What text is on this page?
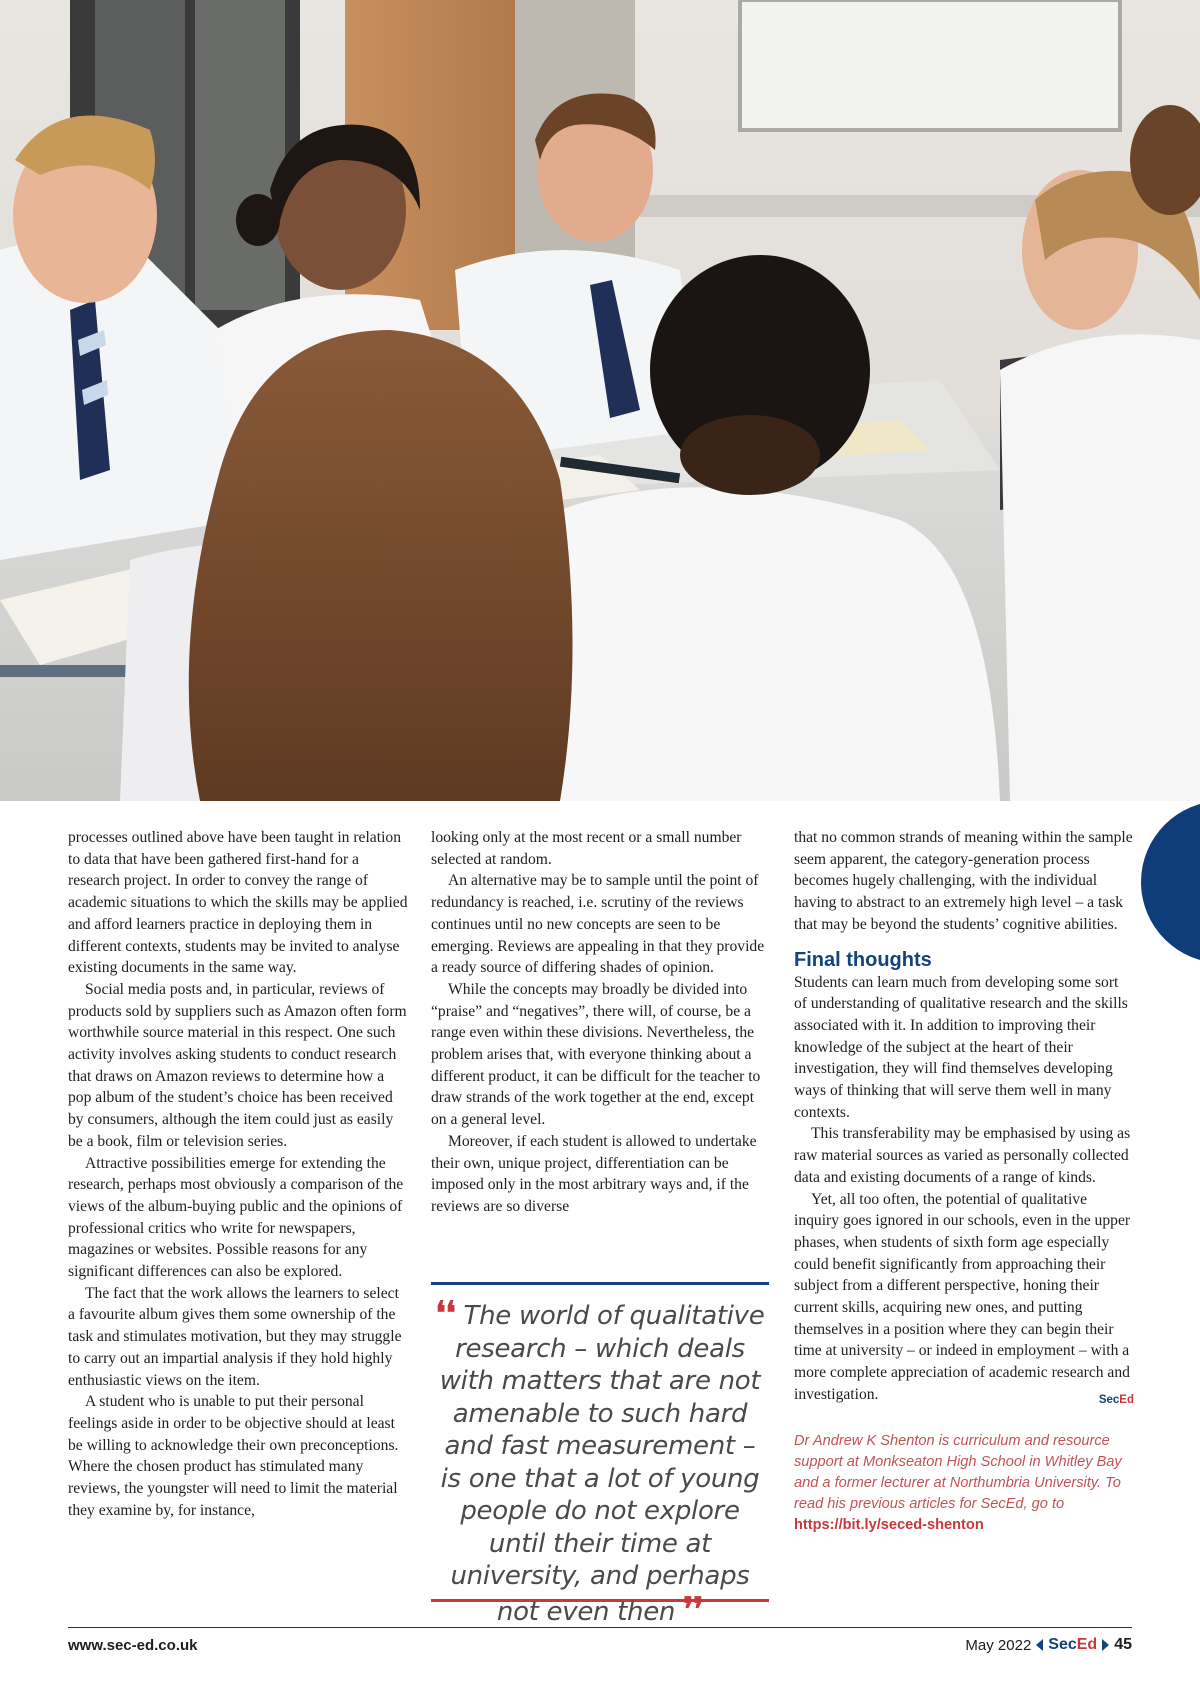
processes outlined above have been taught in relation to data that have been gathered first-hand for a research project. In order to convey the range of academic situations to which the skills may be applied and afford learners practice in deploying them in different contexts, students may be invited to analyse existing documents in the same way.

Social media posts and, in particular, reviews of products sold by suppliers such as Amazon often form worthwhile source material in this respect. One such activity involves asking students to conduct research that draws on Amazon reviews to determine how a pop album of the student’s choice has been received by consumers, although the item could just as easily be a book, film or television series.

Attractive possibilities emerge for extending the research, perhaps most obviously a comparison of the views of the album-buying public and the opinions of professional critics who write for newspapers, magazines or websites. Possible reasons for any significant differences can also be explored.

The fact that the work allows the learners to select a favourite album gives them some ownership of the task and stimulates motivation, but they may struggle to carry out an impartial analysis if they hold highly enthusiastic views on the item.

A student who is unable to put their personal feelings aside in order to be objective should at least be willing to acknowledge their own preconceptions. Where the chosen product has stimulated many reviews, the youngster will need to limit the material they examine by, for instance,

looking only at the most recent or a small number selected at random.

An alternative may be to sample until the point of redundancy is reached, i.e. scrutiny of the reviews continues until no new concepts are seen to be emerging. Reviews are appealing in that they provide a ready source of differing shades of opinion.

While the concepts may broadly be divided into “praise” and “negatives”, there will, of course, be a range even within these divisions. Nevertheless, the problem arises that, with everyone thinking about a different product, it can be difficult for the teacher to draw strands of the work together at the end, except on a general level.

Moreover, if each student is allowed to undertake their own, unique project, differentiation can be imposed only in the most arbitrary ways and, if the reviews are so diverse

❛❛ The world of qualitative research – which deals with matters that are not amenable to such hard and fast measurement – is one that a lot of young people do not explore until their time at university, and perhaps not even then ❜❜

that no common strands of meaning within the sample seem apparent, the category-generation process becomes hugely challenging, with the individual having to abstract to an extremely high level – a task that may be beyond the students’ cognitive abilities.

Final thoughts

Students can learn much from developing some sort of understanding of qualitative research and the skills associated with it. In addition to improving their knowledge of the subject at the heart of their investigation, they will find themselves developing ways of thinking that will serve them well in many contexts.

This transferability may be emphasised by using as raw material sources as varied as personally collected data and existing documents of a range of kinds.

Yet, all too often, the potential of qualitative inquiry goes ignored in our schools, even in the upper phases, when students of sixth form age especially could benefit significantly from approaching their subject from a different perspective, honing their current skills, acquiring new ones, and putting themselves in a position where they can begin their time at university – or indeed in employment – with a more complete appreciation of academic research and investigation.	SecEd

Dr Andrew K Shenton is curriculum and resource support at Monkseaton High School in Whitley Bay and a former lecturer at Northumbria University. To read his previous articles for SecEd, go to https://bit.ly/seced-shenton

www.sec-ed.co.uk	May 2022 SecEd 45
